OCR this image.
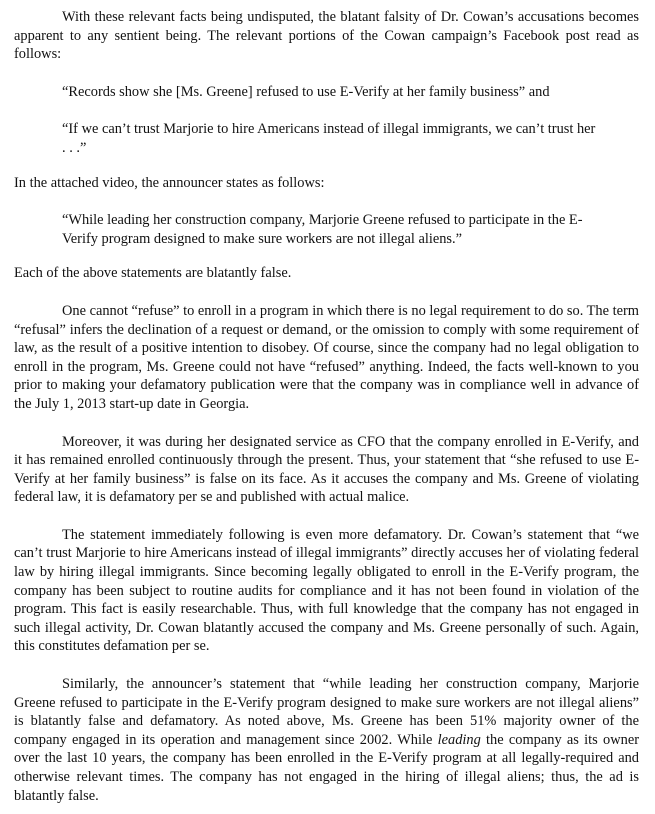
With these relevant facts being undisputed, the blatant falsity of Dr. Cowan’s accusations becomes apparent to any sentient being. The relevant portions of the Cowan campaign’s Facebook post read as follows:

“Records show she [Ms. Greene] refused to use E-Verify at her family business” and

“If we can’t trust Marjorie to hire Americans instead of illegal immigrants, we can’t trust her . . .”

In the attached video, the announcer states as follows:

“While leading her construction company, Marjorie Greene refused to participate in the E-Verify program designed to make sure workers are not illegal aliens.”

Each of the above statements are blatantly false.

One cannot “refuse” to enroll in a program in which there is no legal requirement to do so. The term “refusal” infers the declination of a request or demand, or the omission to comply with some requirement of law, as the result of a positive intention to disobey. Of course, since the company had no legal obligation to enroll in the program, Ms. Greene could not have “refused” anything. Indeed, the facts well-known to you prior to making your defamatory publication were that the company was in compliance well in advance of the July 1, 2013 start-up date in Georgia.

Moreover, it was during her designated service as CFO that the company enrolled in E-Verify, and it has remained enrolled continuously through the present. Thus, your statement that “she refused to use E-Verify at her family business” is false on its face. As it accuses the company and Ms. Greene of violating federal law, it is defamatory per se and published with actual malice.

The statement immediately following is even more defamatory. Dr. Cowan’s statement that “we can’t trust Marjorie to hire Americans instead of illegal immigrants” directly accuses her of violating federal law by hiring illegal immigrants. Since becoming legally obligated to enroll in the E-Verify program, the company has been subject to routine audits for compliance and it has not been found in violation of the program. This fact is easily researchable. Thus, with full knowledge that the company has not engaged in such illegal activity, Dr. Cowan blatantly accused the company and Ms. Greene personally of such. Again, this constitutes defamation per se.

Similarly, the announcer’s statement that “while leading her construction company, Marjorie Greene refused to participate in the E-Verify program designed to make sure workers are not illegal aliens” is blatantly false and defamatory. As noted above, Ms. Greene has been 51% majority owner of the company engaged in its operation and management since 2002. While leading the company as its owner over the last 10 years, the company has been enrolled in the E-Verify program at all legally-required and otherwise relevant times. The company has not engaged in the hiring of illegal aliens; thus, the ad is blatantly false.
